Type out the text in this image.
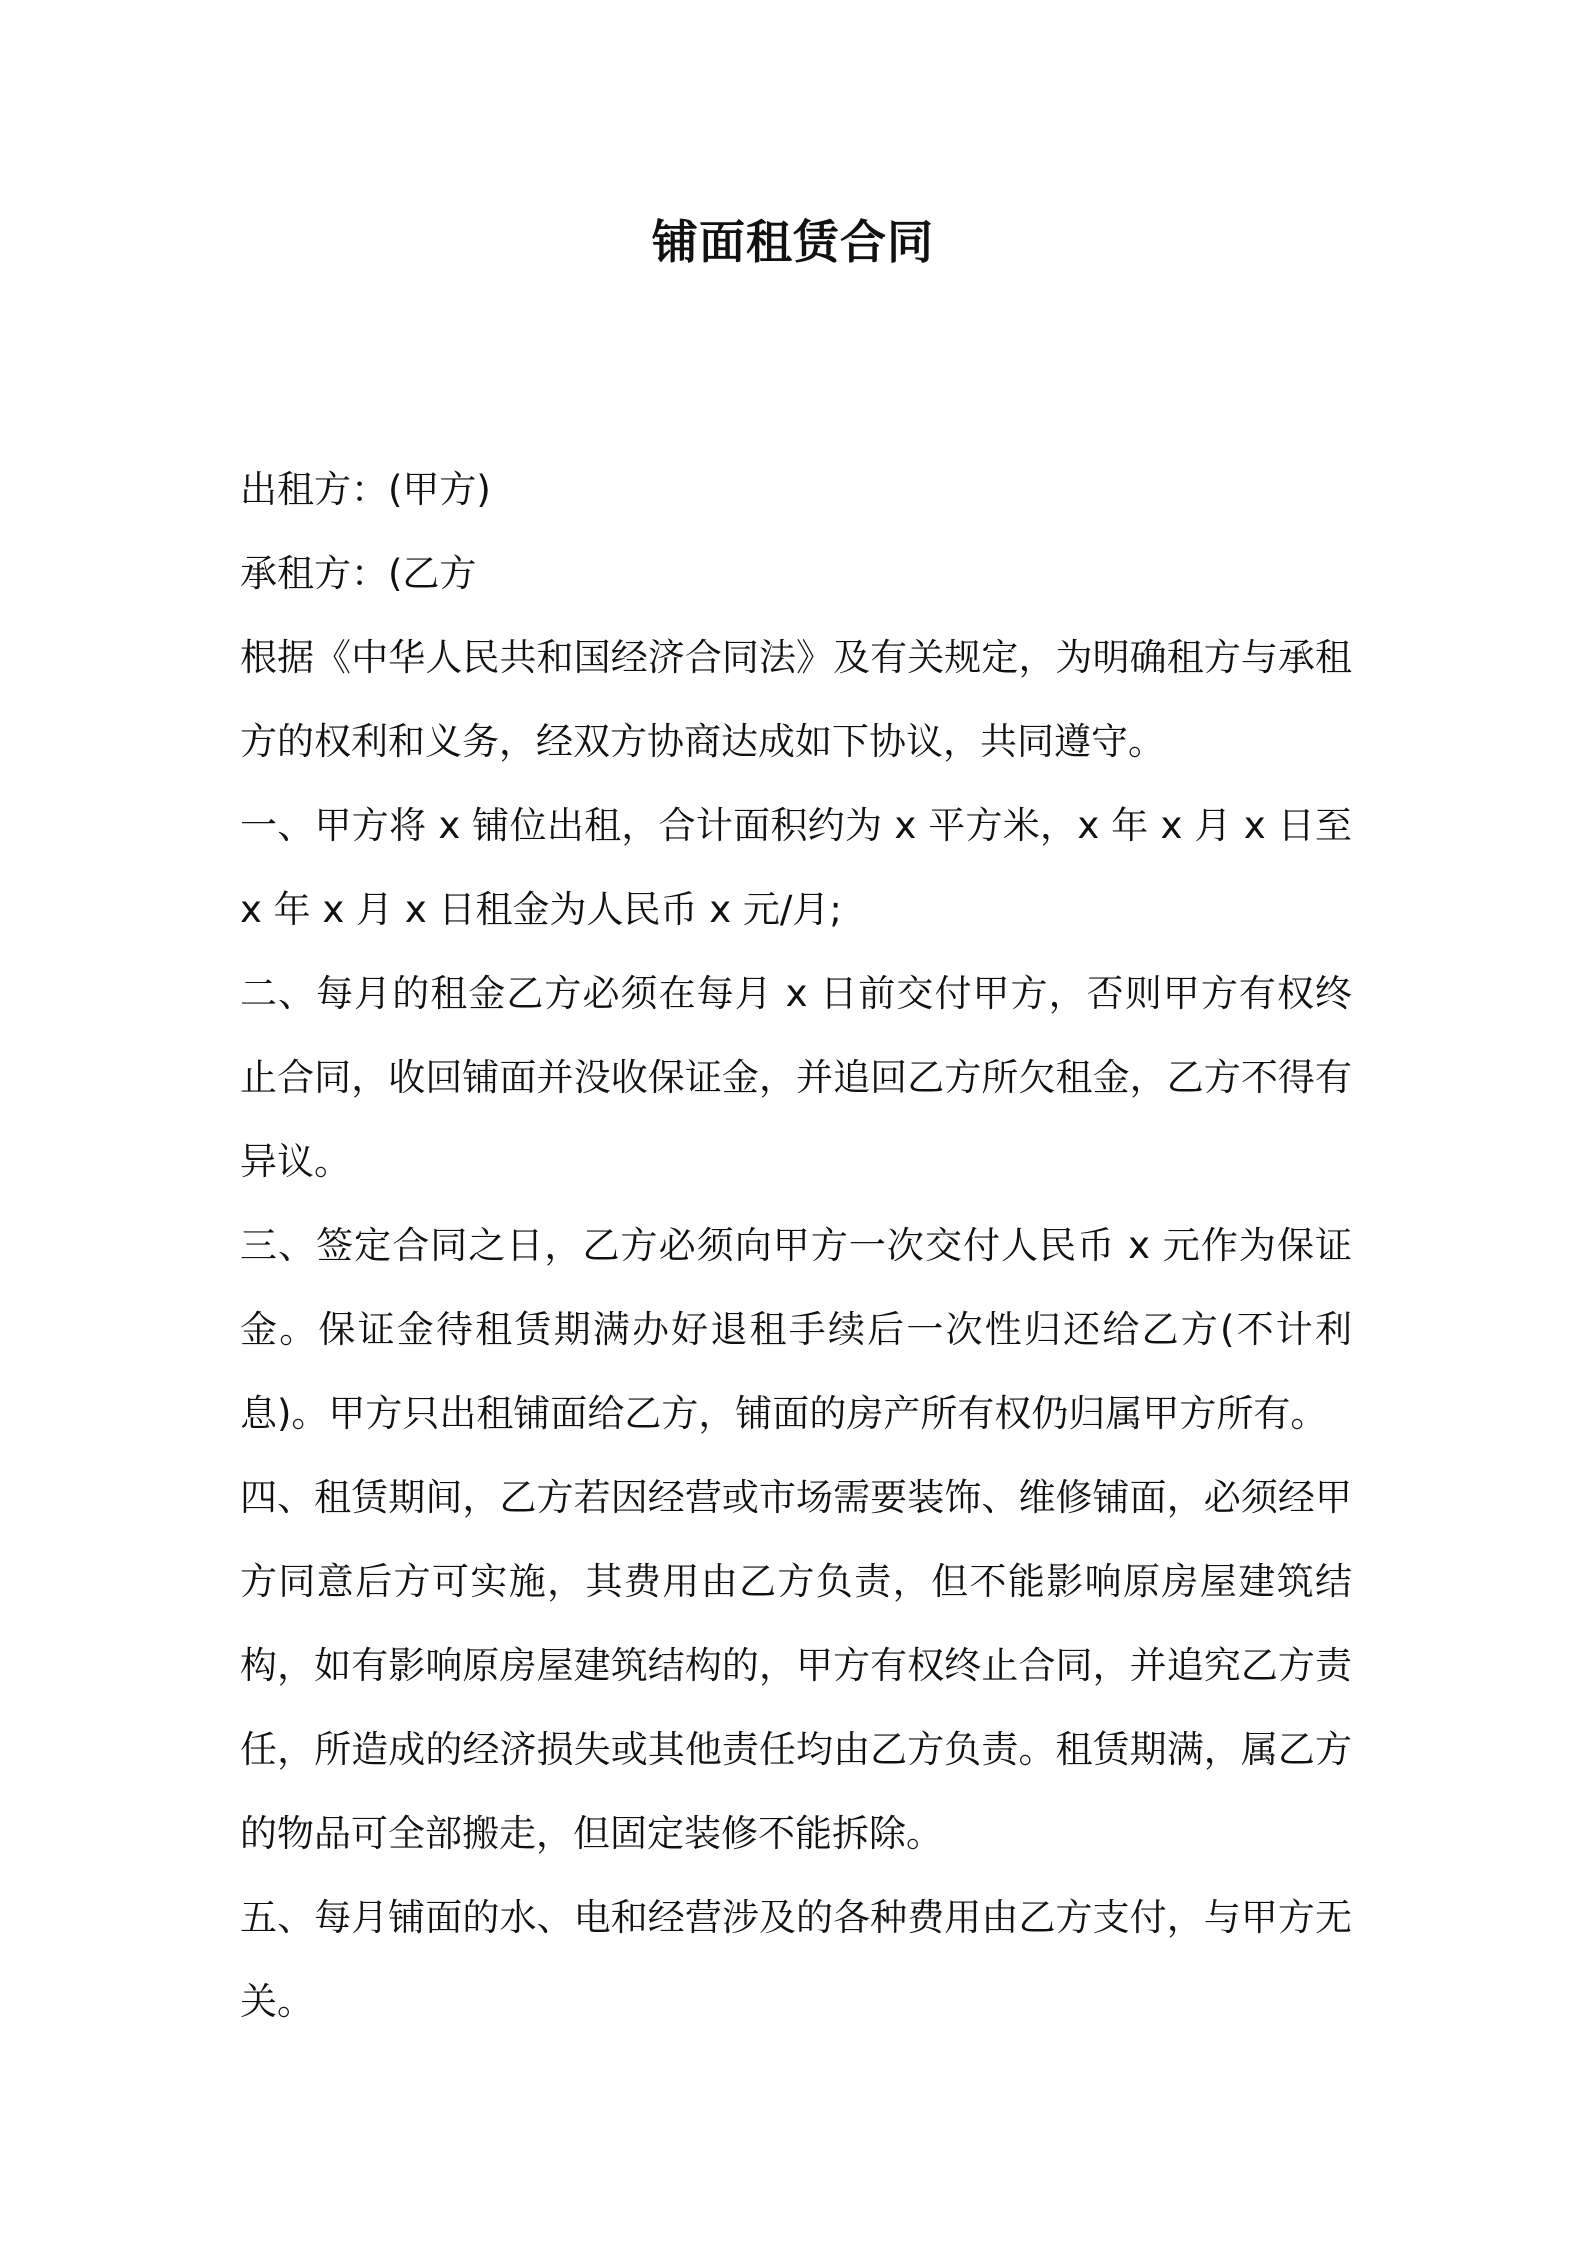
铺面租赁合同

出租方：(甲方)

承租方：(乙方

根据《中华人民共和国经济合同法》及有关规定，为明确租方与承租方的权利和义务，经双方协商达成如下协议，共同遵守。

一、甲方将 x 铺位出租，合计面积约为 x 平方米，x 年 x 月 x 日至 x 年 x 月 x 日租金为人民币 x 元/月;

二、每月的租金乙方必须在每月 x 日前交付甲方，否则甲方有权终止合同，收回铺面并没收保证金，并追回乙方所欠租金，乙方不得有异议。

三、签定合同之日，乙方必须向甲方一次交付人民币 x 元作为保证金。保证金待租赁期满办好退租手续后一次性归还给乙方(不计利息)。甲方只出租铺面给乙方，铺面的房产所有权仍归属甲方所有。

四、租赁期间，乙方若因经营或市场需要装饰、维修铺面，必须经甲方同意后方可实施，其费用由乙方负责，但不能影响原房屋建筑结构，如有影响原房屋建筑结构的，甲方有权终止合同，并追究乙方责任，所造成的经济损失或其他责任均由乙方负责。租赁期满，属乙方的物品可全部搬走，但固定装修不能拆除。

五、每月铺面的水、电和经营涉及的各种费用由乙方支付，与甲方无关。
